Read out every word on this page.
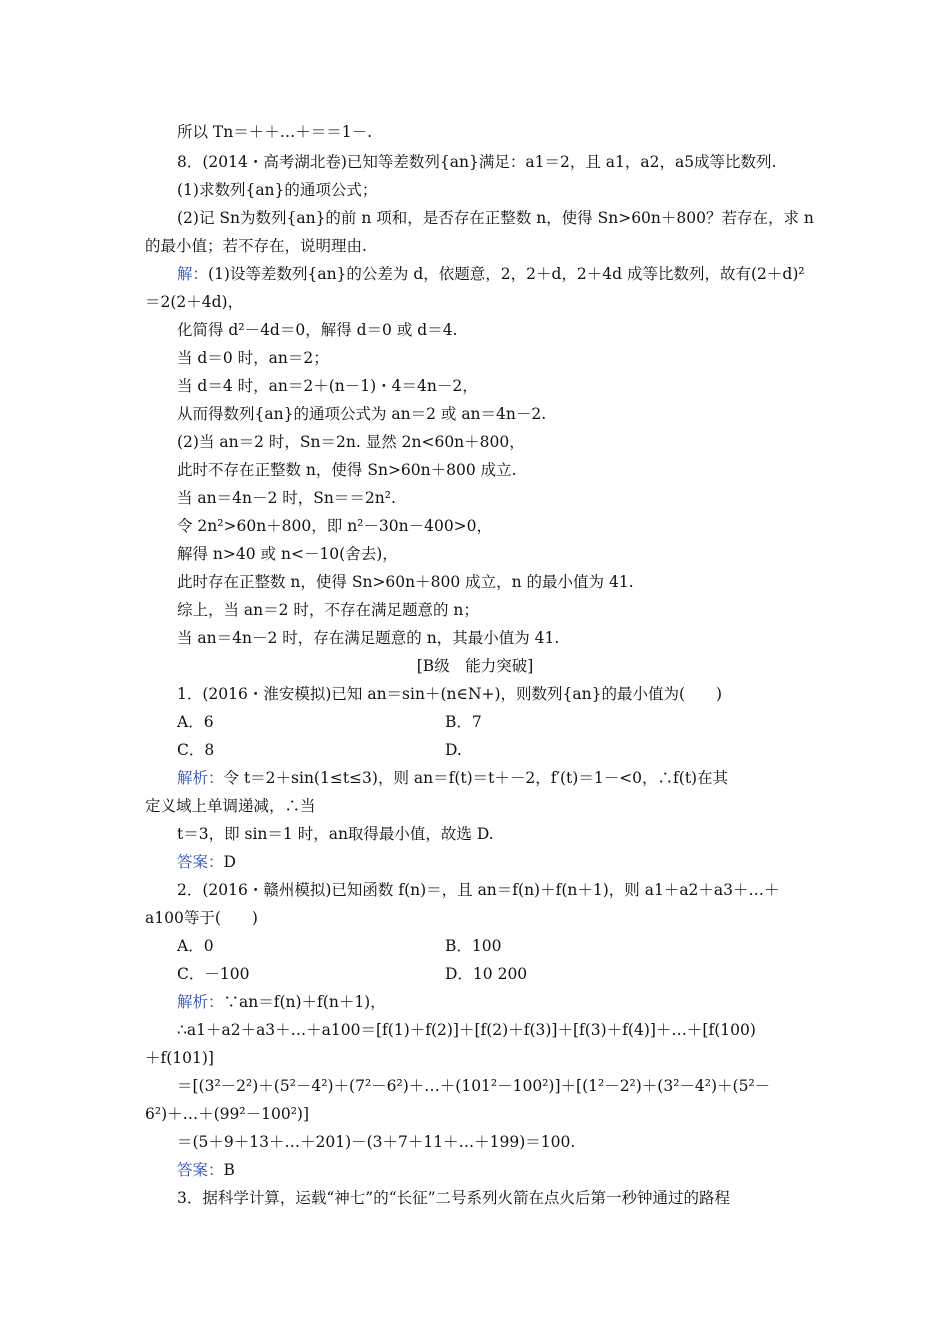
所以 Tn＝＋＋…＋＝＝1－.
8．(2014・高考湖北卷)已知等差数列{an}满足：a1＝2，且 a1，a2，a5成等比数列.
(1)求数列{an}的通项公式；
(2)记 Sn为数列{an}的前 n 项和，是否存在正整数 n，使得 Sn>60n＋800？若存在，求 n
的最小值；若不存在，说明理由.
解：(1)设等差数列{an}的公差为 d，依题意，2，2＋d，2＋4d 成等比数列，故有(2＋d)²
＝2(2＋4d)，
化简得 d²－4d＝0，解得 d＝0 或 d＝4.
当 d＝0 时，an＝2；
当 d＝4 时，an＝2＋(n－1)・4＝4n－2，
从而得数列{an}的通项公式为 an＝2 或 an＝4n－2.
(2)当 an＝2 时，Sn＝2n. 显然 2n<60n＋800，
此时不存在正整数 n，使得 Sn>60n＋800 成立.
当 an＝4n－2 时，Sn＝＝2n².
令 2n²>60n＋800，即 n²－30n－400>0，
解得 n>40 或 n<－10(舍去)，
此时存在正整数 n，使得 Sn>60n＋800 成立，n 的最小值为 41.
综上，当 an＝2 时，不存在满足题意的 n；
当 an＝4n－2 时，存在满足题意的 n，其最小值为 41.
[B级　能力突破]
1．(2016・淮安模拟)已知 an＝sin＋(n∈N+)，则数列{an}的最小值为(　　)
A．6	B．7
C．8	D.
解析：令 t＝2＋sin(1≤t≤3)，则 an＝f(t)＝t＋－2，f′(t)＝1－<0，∴f(t)在其
定义域上单调递减，∴当
t＝3，即 sin＝1 时，an取得最小值，故选 D.
答案：D
2．(2016・赣州模拟)已知函数 f(n)＝，且 an＝f(n)＋f(n＋1)，则 a1＋a2＋a3＋…＋
a100等于(　　)
A．0	B．100
C．－100	D．10 200
解析：∵an＝f(n)＋f(n＋1)，
∴a1＋a2＋a3＋…＋a100＝[f(1)＋f(2)]＋[f(2)＋f(3)]＋[f(3)＋f(4)]＋…＋[f(100)
＋f(101)]
＝[(3²－2²)＋(5²－4²)＋(7²－6²)＋…＋(101²－100²)]＋[(1²－2²)＋(3²－4²)＋(5²－
6²)＋…＋(99²－100²)]
＝(5＋9＋13＋…＋201)－(3＋7＋11＋…＋199)＝100.
答案：B
3．据科学计算，运载“神七”的“长征”二号系列火箭在点火后第一秒钟通过的路程
